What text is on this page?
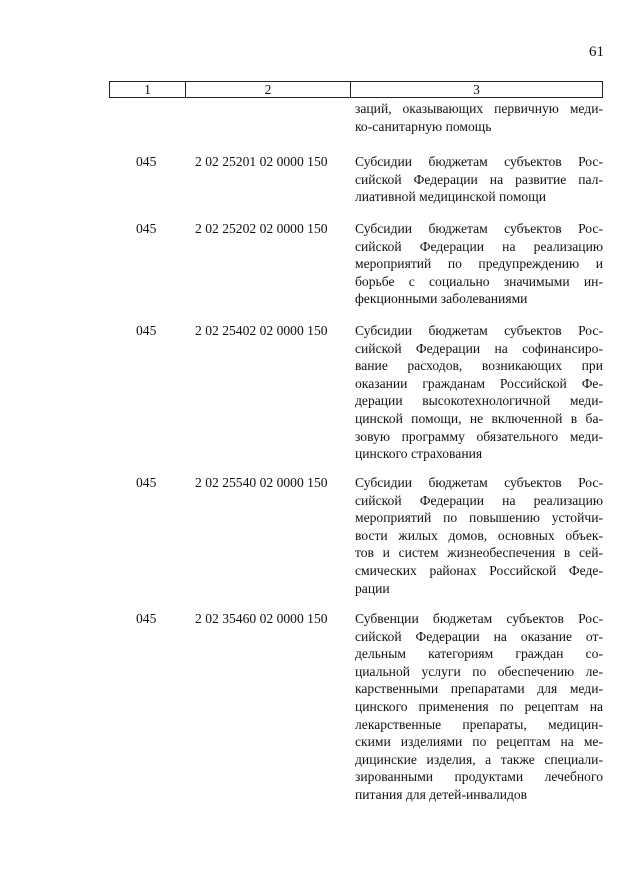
61
1	2	3
заций, оказывающих первичную меди-
ко-санитарную помощь
045	2 02 25201 02 0000 150 Субсидии бюджетам субъектов Рос-
сийской Федерации на развитие пал-
лиативной медицинской помощи
045	2 02 25202 02 0000 150 Субсидии бюджетам субъектов Рос-
сийской Федерации на реализацию
мероприятий по предупреждению и
борьбе с социально значимыми ин-
фекционными заболеваниями
045	2 02 25402 02 0000 150 Субсидии бюджетам субъектов Рос-
сийской Федерации на софинансиро-
вание расходов, возникающих при
оказании гражданам Российской Фе-
дерации высокотехнологичной меди-
цинской помощи, не включенной в ба-
зовую программу обязательного меди-
цинского страхования
045	2 02 25540 02 0000 150 Субсидии бюджетам субъектов Рос-
сийской Федерации на реализацию
мероприятий по повышению устойчи-
вости жилых домов, основных объек-
тов и систем жизнеобеспечения в сей-
смических районах Российской Феде-
рации
045	2 02 35460 02 0000 150 Субвенции бюджетам субъектов Рос-
сийской Федерации на оказание от-
дельным категориям граждан со-
циальной услуги по обеспечению ле-
карственными препаратами для меди-
цинского применения по рецептам на
лекарственные препараты, медицин-
скими изделиями по рецептам на ме-
дицинские изделия, а также специали-
зированными продуктами лечебного
питания для детей-инвалидов
